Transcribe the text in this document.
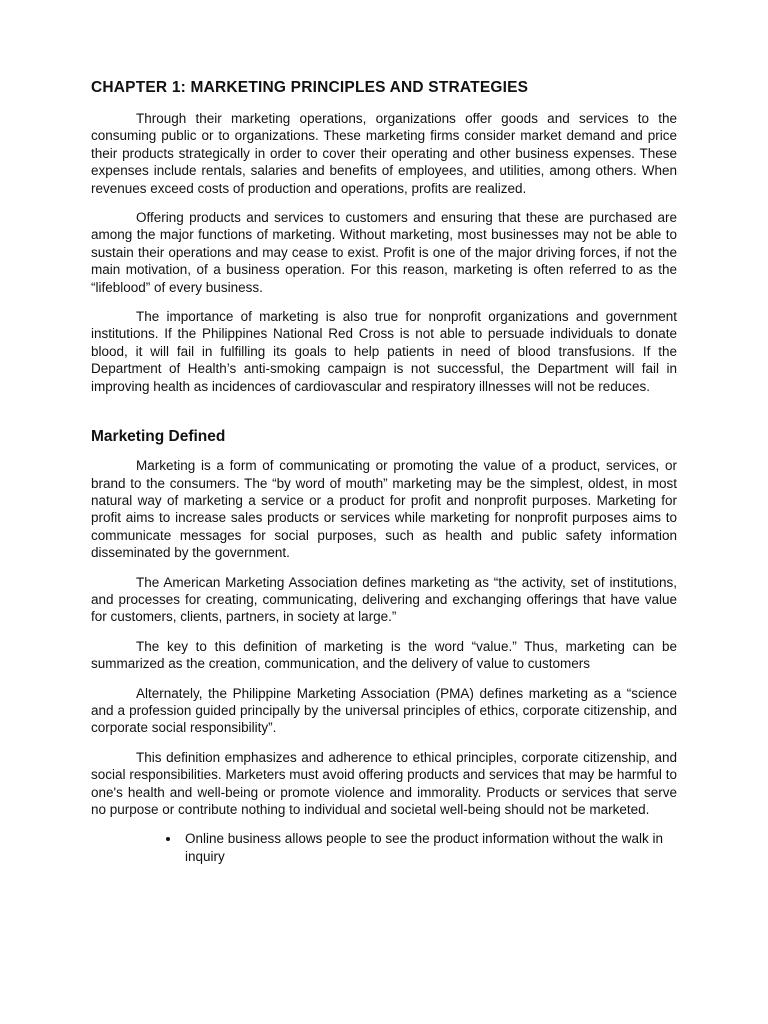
CHAPTER 1: MARKETING PRINCIPLES AND STRATEGIES

Through their marketing operations, organizations offer goods and services to the consuming public or to organizations. These marketing firms consider market demand and price their products strategically in order to cover their operating and other business expenses. These expenses include rentals, salaries and benefits of employees, and utilities, among others. When revenues exceed costs of production and operations, profits are realized.

Offering products and services to customers and ensuring that these are purchased are among the major functions of marketing. Without marketing, most businesses may not be able to sustain their operations and may cease to exist. Profit is one of the major driving forces, if not the main motivation, of a business operation. For this reason, marketing is often referred to as the “lifeblood” of every business.

The importance of marketing is also true for nonprofit organizations and government institutions. If the Philippines National Red Cross is not able to persuade individuals to donate blood, it will fail in fulfilling its goals to help patients in need of blood transfusions. If the Department of Health’s anti-smoking campaign is not successful, the Department will fail in improving health as incidences of cardiovascular and respiratory illnesses will not be reduces.

Marketing Defined

Marketing is a form of communicating or promoting the value of a product, services, or brand to the consumers. The “by word of mouth” marketing may be the simplest, oldest, in most natural way of marketing a service or a product for profit and nonprofit purposes. Marketing for profit aims to increase sales products or services while marketing for nonprofit purposes aims to communicate messages for social purposes, such as health and public safety information disseminated by the government.

The American Marketing Association defines marketing as “the activity, set of institutions, and processes for creating, communicating, delivering and exchanging offerings that have value for customers, clients, partners, in society at large.”

The key to this definition of marketing is the word “value.” Thus, marketing can be summarized as the creation, communication, and the delivery of value to customers

Alternately, the Philippine Marketing Association (PMA) defines marketing as a “science and a profession guided principally by the universal principles of ethics, corporate citizenship, and corporate social responsibility”.

This definition emphasizes and adherence to ethical principles, corporate citizenship, and social responsibilities. Marketers must avoid offering products and services that may be harmful to one's health and well-being or promote violence and immorality. Products or services that serve no purpose or contribute nothing to individual and societal well-being should not be marketed.

• Online business allows people to see the product information without the walk in inquiry
